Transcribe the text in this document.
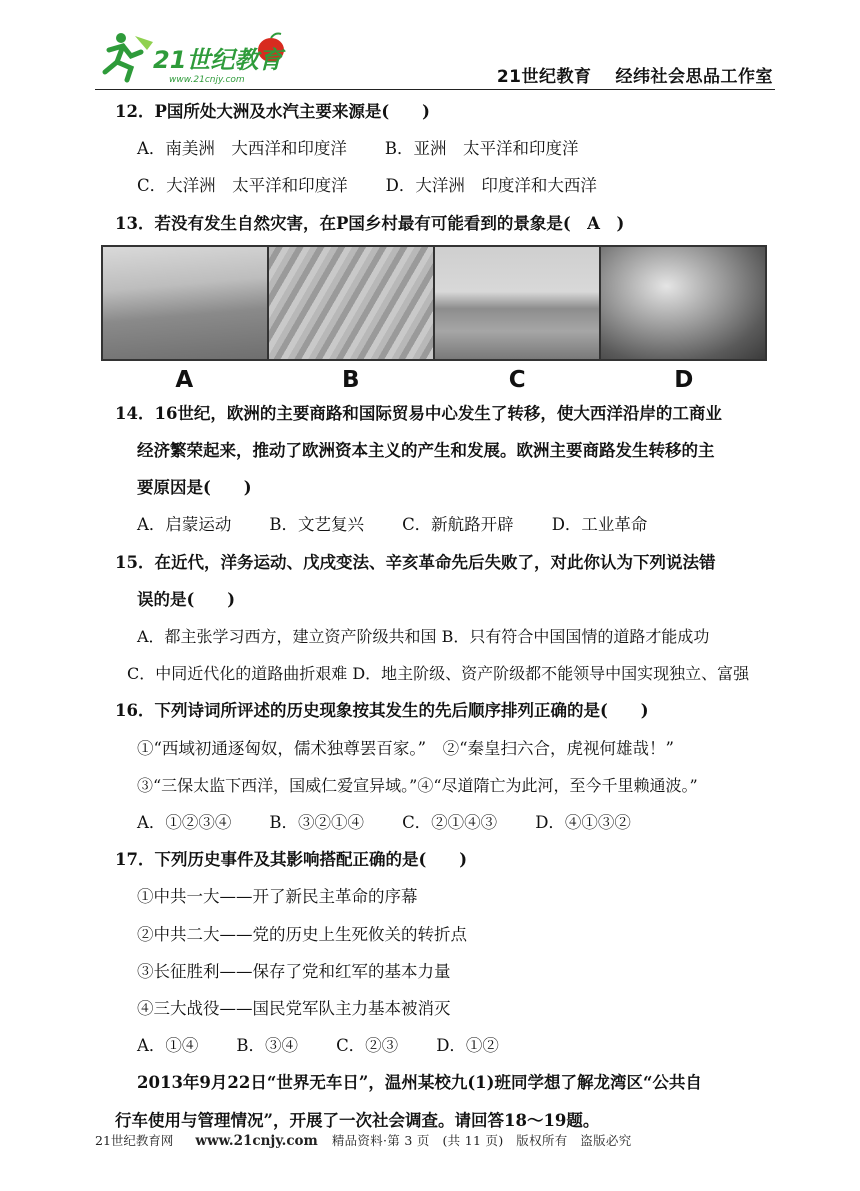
21世纪教育
www.21cnjy.com	21世纪教育 经纬社会思品工作室
12．P国所处大洲及水汽主要来源是(　　)
A．南美洲　大西洋和印度洋 B．亚洲　太平洋和印度洋
C．大洋洲　太平洋和印度洋 D．大洋洲　印度洋和大西洋
13．若没有发生自然灾害，在P国乡村最有可能看到的景象是(　A　)
A	B	C	D
14．16世纪，欧洲的主要商路和国际贸易中心发生了转移，使大西洋沿岸的工商业
经济繁荣起来，推动了欧洲资本主义的产生和发展。欧洲主要商路发生转移的主
要原因是(　　)
A．启蒙运动 B．文艺复兴 C．新航路开辟 D．工业革命
15．在近代，洋务运动、戊戌变法、辛亥革命先后失败了，对此你认为下列说法错
误的是(　　)
A．都主张学习西方，建立资产阶级共和国 B．只有符合中国国情的道路才能成功
C．中同近代化的道路曲折艰难 D．地主阶级、资产阶级都不能领导中国实现独立、富强
16．下列诗词所评述的历史现象按其发生的先后顺序排列正确的是(　　)
①“西域初通逐匈奴，儒术独尊罢百家。”　②“秦皇扫六合，虎视何雄哉！”
③“三保太监下西洋，国威仁爱宣异域。”④“尽道隋亡为此河，至今千里赖通波。”
A．①②③④ B．③②①④ C．②①④③ D．④①③②
17．下列历史事件及其影响搭配正确的是(　　)
①中共一大——开了新民主革命的序幕
②中共二大——党的历史上生死攸关的转折点
③长征胜利——保存了党和红军的基本力量
④三大战役——国民党军队主力基本被消灭
A．①④ B．③④ C．②③ D．①②
2013年9月22日“世界无车日”，温州某校九(1)班同学想了解龙湾区“公共自
行车使用与管理情况”，开展了一次社会调查。请回答18～19题。
21世纪教育网 www.21cnjy.com 精品资料·第 3 页　(共 11 页)　版权所有　盗版必究
